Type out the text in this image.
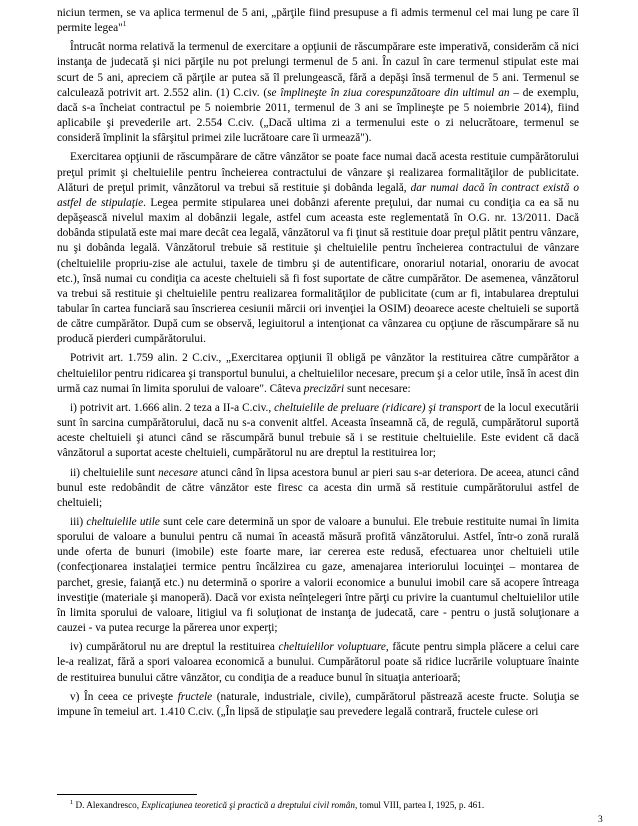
niciun termen, se va aplica termenul de 5 ani, „părţile fiind presupuse a fi admis termenul cel mai lung pe care îl permite legea"$^1$

Întrucât norma relativă la termenul de exercitare a opţiunii de răscumpărare este imperativă, considerăm că nici instanţa de judecată şi nici părţile nu pot prelungi termenul de 5 ani. În cazul în care termenul stipulat este mai scurt de 5 ani, apreciem că părţile ar putea să îl prelungească, fără a depăşi însă termenul de 5 ani. Termenul se calculează potrivit art. 2.552 alin. (1) C.civ. (se împlineşte în ziua corespunzătoare din ultimul an – de exemplu, dacă s-a încheiat contractul pe 5 noiembrie 2011, termenul de 3 ani se împlineşte pe 5 noiembrie 2014), fiind aplicabile şi prevederile art. 2.554 C.civ. („Dacă ultima zi a termenului este o zi nelucrătoare, termenul se consideră împlinit la sfârşitul primei zile lucrătoare care îi urmează").

Exercitarea opţiunii de răscumpărare de către vânzător se poate face numai dacă acesta restituie cumpărătorului preţul primit şi cheltuielile pentru încheierea contractului de vânzare şi realizarea formalităţilor de publicitate. Alături de preţul primit, vânzătorul va trebui să restituie şi dobânda legală, dar numai dacă în contract există o astfel de stipulaţie. Legea permite stipularea unei dobânzi aferente preţului, dar numai cu condiţia ca ea să nu depăşească nivelul maxim al dobânzii legale, astfel cum aceasta este reglementată în O.G. nr. 13/2011. Dacă dobânda stipulată este mai mare decât cea legală, vânzătorul va fi ţinut să restituie doar preţul plătit pentru vânzare, nu şi dobânda legală. Vânzătorul trebuie să restituie şi cheltuielile pentru încheierea contractului de vânzare (cheltuielile propriu-zise ale actului, taxele de timbru şi de autentificare, onorariul notarial, onorariu de avocat etc.), însă numai cu condiţia ca aceste cheltuieli să fi fost suportate de către cumpărător. De asemenea, vânzătorul va trebui să restituie şi cheltuielile pentru realizarea formalităţilor de publicitate (cum ar fi, intabularea dreptului tabular în cartea funciară sau înscrierea cesiunii mărcii ori invenţiei la OSIM) deoarece aceste cheltuieli se suportă de către cumpărător. După cum se observă, legiuitorul a intenţionat ca vânzarea cu opţiune de răscumpărare să nu producă pierderi cumpărătorului.

Potrivit art. 1.759 alin. 2 C.civ., „Exercitarea opţiunii îl obligă pe vânzător la restituirea către cumpărător a cheltuielilor pentru ridicarea şi transportul bunului, a cheltuielilor necesare, precum şi a celor utile, însă în acest din urmă caz numai în limita sporului de valoare". Câteva precizări sunt necesare:

i) potrivit art. 1.666 alin. 2 teza a II-a C.civ., cheltuielile de preluare (ridicare) şi transport de la locul executării sunt în sarcina cumpărătorului, dacă nu s-a convenit altfel. Aceasta înseamnă că, de regulă, cumpărătorul suportă aceste cheltuieli şi atunci când se răscumpără bunul trebuie să i se restituie cheltuielile. Este evident că dacă vânzătorul a suportat aceste cheltuieli, cumpărătorul nu are dreptul la restituirea lor;

ii) cheltuielile sunt necesare atunci când în lipsa acestora bunul ar pieri sau s-ar deteriora. De aceea, atunci când bunul este redobândit de către vânzător este firesc ca acesta din urmă să restituie cumpărătorului astfel de cheltuieli;

iii) cheltuielile utile sunt cele care determină un spor de valoare a bunului. Ele trebuie restituite numai în limita sporului de valoare a bunului pentru că numai în această măsură profită vânzătorului. Astfel, într-o zonă rurală unde oferta de bunuri (imobile) este foarte mare, iar cererea este redusă, efectuarea unor cheltuieli utile (confecţionarea instalaţiei termice pentru încălzirea cu gaze, amenajarea interiorului locuinţei – montarea de parchet, gresie, faianţă etc.) nu determină o sporire a valorii economice a bunului imobil care să acopere întreaga investiţie (materiale şi manoperă). Dacă vor exista neînţelegeri între părţi cu privire la cuantumul cheltuielilor utile în limita sporului de valoare, litigiul va fi soluţionat de instanţa de judecată, care - pentru o justă soluţionare a cauzei - va putea recurge la părerea unor experţi;

iv) cumpărătorul nu are dreptul la restituirea cheltuielilor voluptuare, făcute pentru simpla plăcere a celui care le-a realizat, fără a spori valoarea economică a bunului. Cumpărătorul poate să ridice lucrările voluptuare înainte de restituirea bunului către vânzător, cu condiţia de a readuce bunul în situaţia anterioară;

v) În ceea ce priveşte fructele (naturale, industriale, civile), cumpărătorul păstrează aceste fructe. Soluţia se impune în temeiul art. 1.410 C.civ. („În lipsă de stipulaţie sau prevedere legală contrară, fructele culese ori

$^1$ D. Alexandresco, Explicaţiunea teoretică şi practică a dreptului civil român, tomul VIII, partea I, 1925, p. 461.
3
